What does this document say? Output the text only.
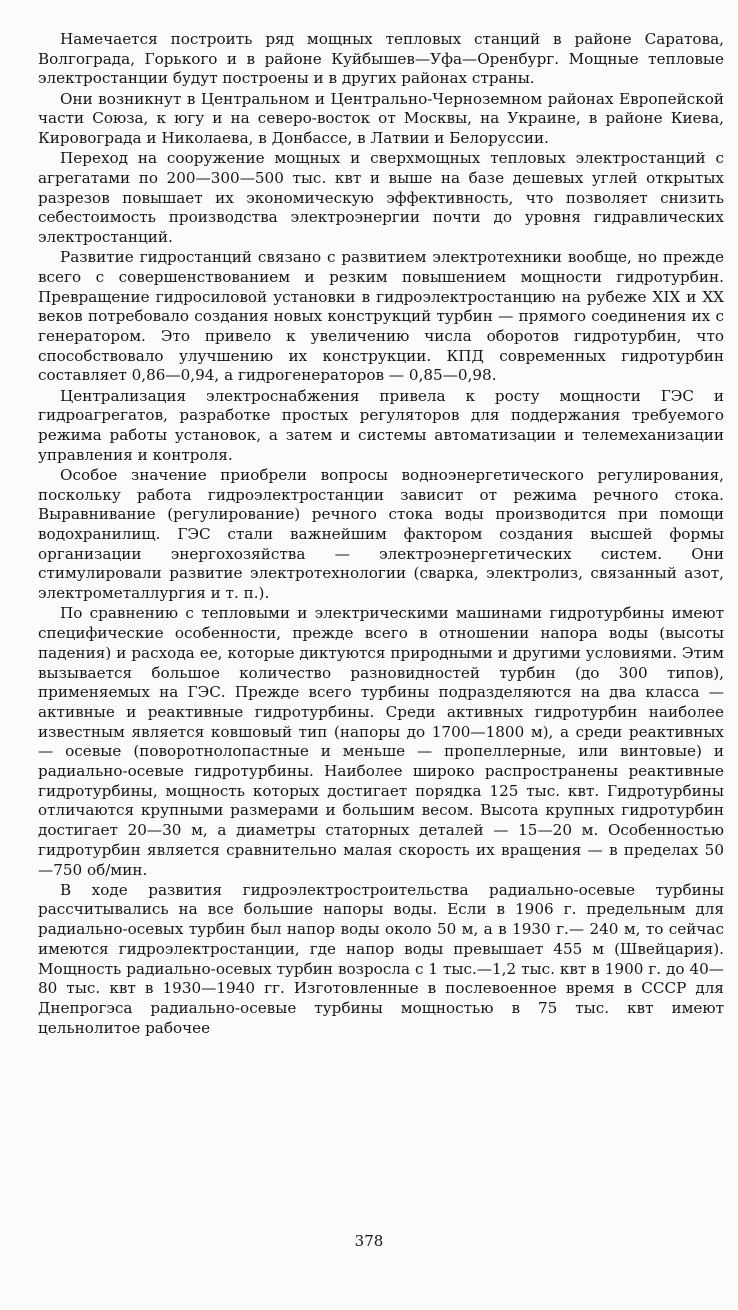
Намечается построить ряд мощных тепловых станций в районе Саратова, Волгограда, Горького и в районе Куйбышев—Уфа—Оренбург. Мощные тепловые электростанции будут построены и в других районах страны.

Они возникнут в Центральном и Центрально-Черноземном районах Европейской части Союза, к югу и на северо-восток от Москвы, на Украине, в районе Киева, Кировограда и Николаева, в Донбассе, в Латвии и Белоруссии.

Переход на сооружение мощных и сверхмощных тепловых электростанций с агрегатами по 200—300—500 тыс. квт и выше на базе дешевых углей открытых разрезов повышает их экономическую эффективность, что позволяет снизить себестоимость производства электроэнергии почти до уровня гидравлических электростанций.

Развитие гидростанций связано с развитием электротехники вообще, но прежде всего с совершенствованием и резким повышением мощности гидротурбин. Превращение гидросиловой установки в гидроэлектростанцию на рубеже XIX и XX веков потребовало создания новых конструкций турбин — прямого соединения их с генератором. Это привело к увеличению числа оборотов гидротурбин, что способствовало улучшению их конструкции. КПД современных гидротурбин составляет 0,86—0,94, а гидрогенераторов — 0,85—0,98.

Централизация электроснабжения привела к росту мощности ГЭС и гидроагрегатов, разработке простых регуляторов для поддержания требуемого режима работы установок, а затем и системы автоматизации и телемеханизации управления и контроля.

Особое значение приобрели вопросы водноэнергетического регулирования, поскольку работа гидроэлектростанции зависит от режима речного стока. Выравнивание (регулирование) речного стока воды производится при помощи водохранилищ. ГЭС стали важнейшим фактором создания высшей формы организации энергохозяйства — электроэнергетических систем. Они стимулировали развитие электротехнологии (сварка, электролиз, связанный азот, электрометаллургия и т. п.).

По сравнению с тепловыми и электрическими машинами гидротурбины имеют специфические особенности, прежде всего в отношении напора воды (высоты падения) и расхода ее, которые диктуются природными и другими условиями. Этим вызывается большое количество разновидностей турбин (до 300 типов), применяемых на ГЭС. Прежде всего турбины подразделяются на два класса — активные и реактивные гидротурбины. Среди активных гидротурбин наиболее известным является ковшовый тип (напоры до 1700—1800 м), а среди реактивных — осевые (поворотнолопастные и меньше — пропеллерные, или винтовые) и радиально-осевые гидротурбины. Наиболее широко распространены реактивные гидротурбины, мощность которых достигает порядка 125 тыс. квт. Гидротурбины отличаются крупными размерами и большим весом. Высота крупных гидротурбин достигает 20—30 м, а диаметры статорных деталей — 15—20 м. Особенностью гидротурбин является сравнительно малая скорость их вращения — в пределах 50—750 об/мин.

В ходе развития гидроэлектростроительства радиально-осевые турбины рассчитывались на все большие напоры воды. Если в 1906 г. предельным для радиально-осевых турбин был напор воды около 50 м, а в 1930 г.— 240 м, то сейчас имеются гидроэлектростанции, где напор воды превышает 455 м (Швейцария). Мощность радиально-осевых турбин возросла с 1 тыс.—1,2 тыс. квт в 1900 г. до 40—80 тыс. квт в 1930—1940 гг. Изготовленные в послевоенное время в СССР для Днепрогэса радиально-осевые турбины мощностью в 75 тыс. квт имеют цельнолитое рабочее

378
